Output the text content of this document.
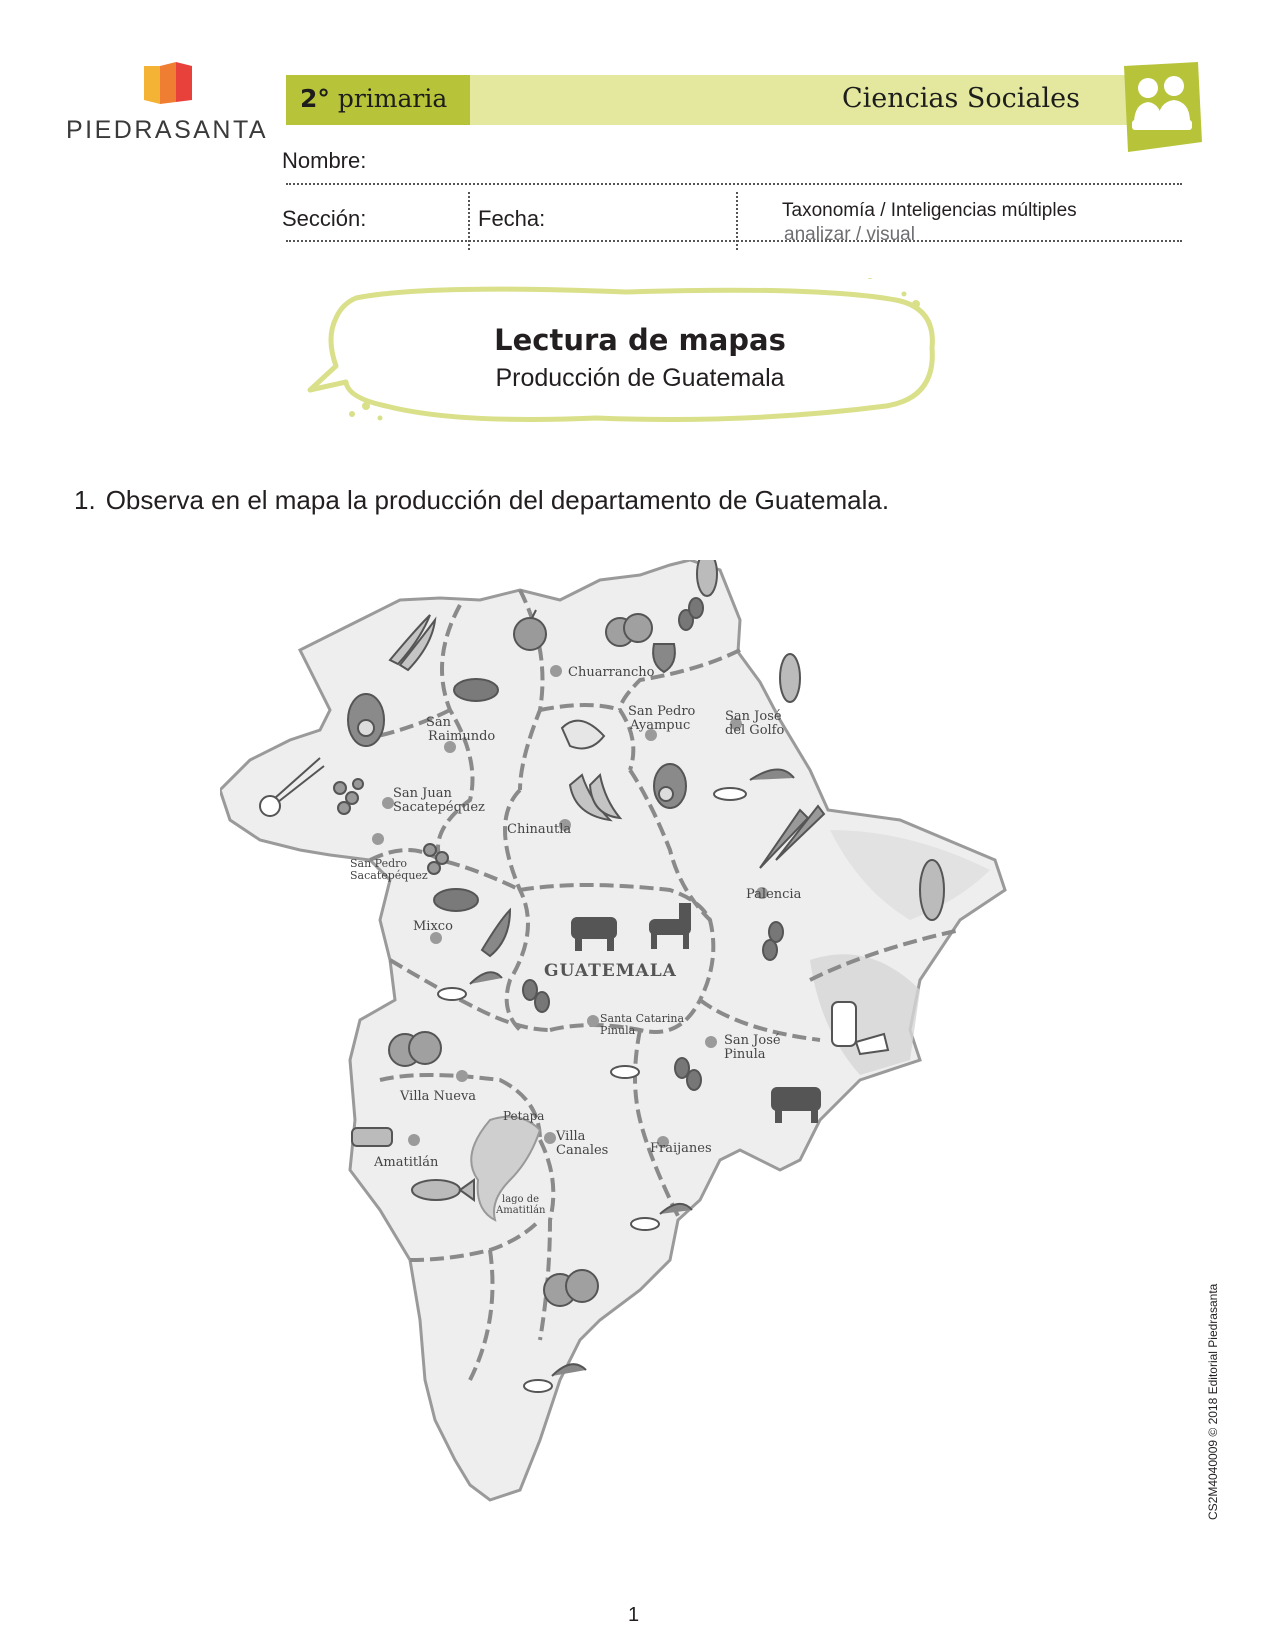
PIEDRASANTA
2° primaria	Ciencias Sociales
Nombre:
Sección:	Fecha:	Taxonomía / Inteligencias múltiples
analizar / visual
Lectura de mapas
Producción de Guatemala
1. Observa en el mapa la producción del departamento de Guatemala.
Chuarrancho
San Raimundo
San Pedro Ayampuc
San José del Golfo
San Juan Sacatepéquez
Chinautla
San Pedro Sacatepéquez
Palencia
Mixco
Santa Catarina Pinula
San José Pinula
Villa Nueva
Petapa
Villa Canales	Fraijanes
Amatitlán
lago de Amatitlán
GUATEMALA
1
CS2M4040009 © 2018 Editorial Piedrasanta
